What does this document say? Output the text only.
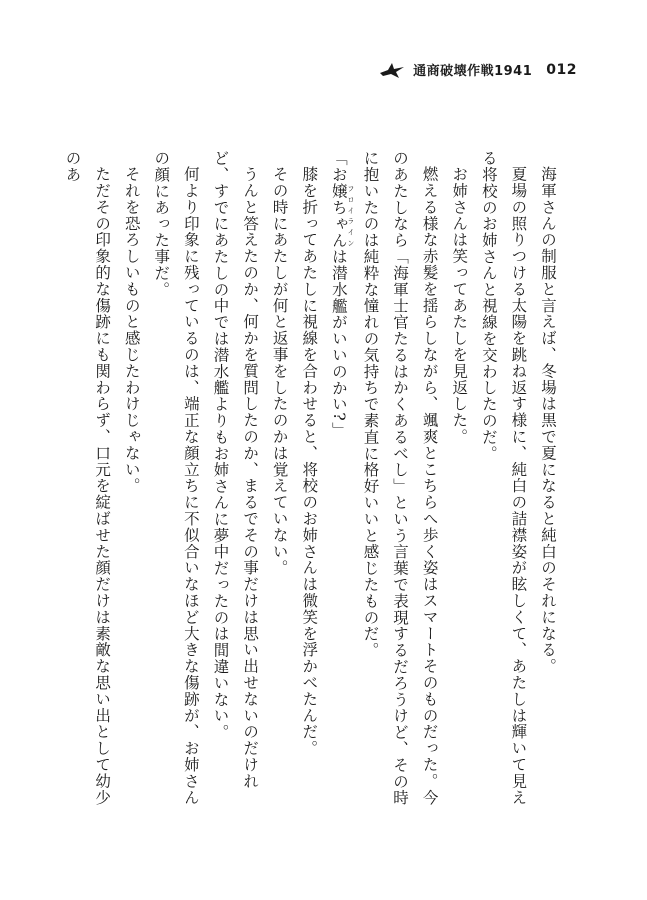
通商破壊作戦1941 012

海軍さんの制服と言えば、冬場は黒で夏になると純白のそれになる。

夏場の照りつける太陽を跳ね返す様に、純白の詰襟姿が眩しくて、あたしは輝いて見える将校のお姉さんと視線を交わしたのだ。

お姉さんは笑ってあたしを見返した。

燃える様な赤髪を揺らしながら、颯爽とこちらへ歩く姿はスマートそのものだった。今のあたしなら「海軍士官たるはかくあるべし」という言葉で表現するだろうけど、その時に抱いたのは純粋な憧れの気持ちで素直に格好いいと感じたものだ。

「お嬢ちゃん フロイラインは潜水艦がいいのかい?」

膝を折ってあたしに視線を合わせると、将校のお姉さんは微笑を浮かべたんだ。

その時にあたしが何と返事をしたのかは覚えていない。

うんと答えたのか、何かを質問したのか、まるでその事だけは思い出せないのだけれど、すでにあたしの中では潜水艦よりもお姉さんに夢中だったのは間違いない。

何より印象に残っているのは、端正な顔立ちに不似合いなほど大きな傷跡が、お姉さんの顔にあった事だ。

それを恐ろしいものと感じたわけじゃない。

ただその印象的な傷跡にも関わらず、口元を綻ばせた顔だけは素敵な思い出として幼少のあ
